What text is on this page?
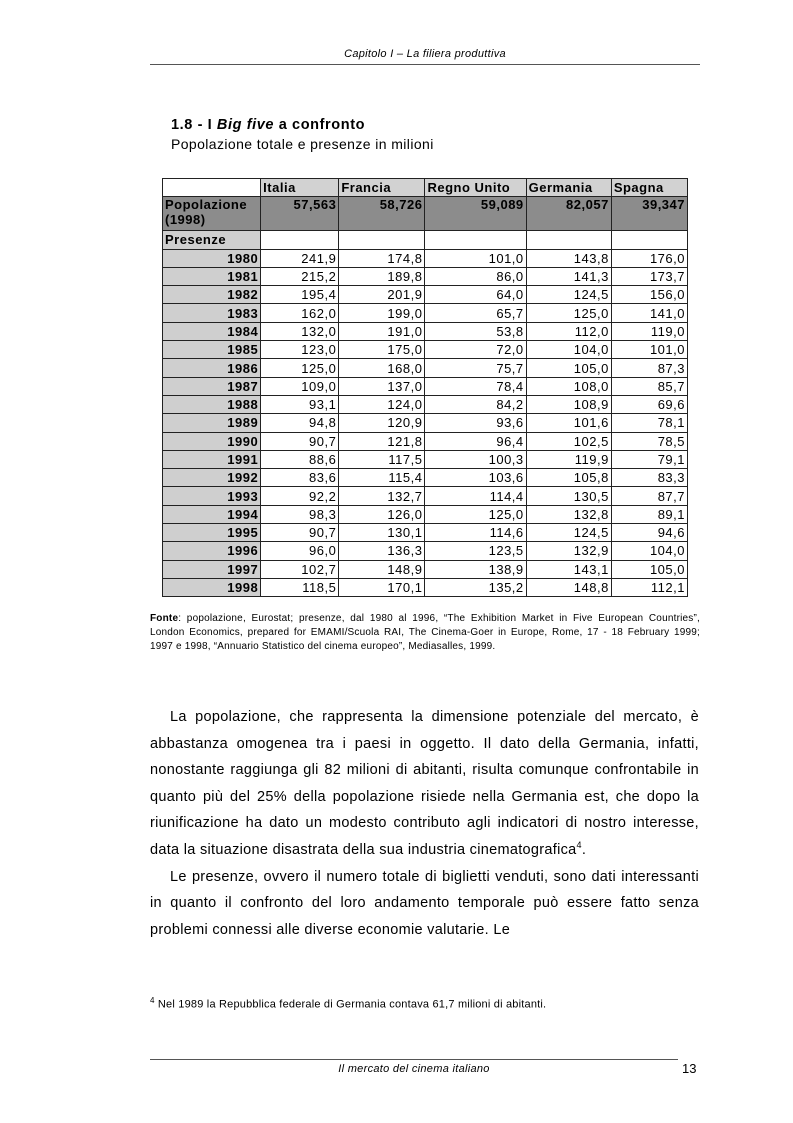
Capitolo I – La filiera produttiva
1.8 - I Big five a confronto
Popolazione totale e presenze in milioni
	Italia	Francia	Regno Unito	Germania	Spagna
Popolazione (1998)	57,563	58,726	59,089	82,057	39,347
Presenze					
1980	241,9	174,8	101,0	143,8	176,0
1981	215,2	189,8	86,0	141,3	173,7
1982	195,4	201,9	64,0	124,5	156,0
1983	162,0	199,0	65,7	125,0	141,0
1984	132,0	191,0	53,8	112,0	119,0
1985	123,0	175,0	72,0	104,0	101,0
1986	125,0	168,0	75,7	105,0	87,3
1987	109,0	137,0	78,4	108,0	85,7
1988	93,1	124,0	84,2	108,9	69,6
1989	94,8	120,9	93,6	101,6	78,1
1990	90,7	121,8	96,4	102,5	78,5
1991	88,6	117,5	100,3	119,9	79,1
1992	83,6	115,4	103,6	105,8	83,3
1993	92,2	132,7	114,4	130,5	87,7
1994	98,3	126,0	125,0	132,8	89,1
1995	90,7	130,1	114,6	124,5	94,6
1996	96,0	136,3	123,5	132,9	104,0
1997	102,7	148,9	138,9	143,1	105,0
1998	118,5	170,1	135,2	148,8	112,1
Fonte: popolazione, Eurostat; presenze, dal 1980 al 1996, “The Exhibition Market in Five European Countries”, London Economics, prepared for EMAMI/Scuola RAI, The Cinema-Goer in Europe, Rome, 17 - 18 February 1999; 1997 e 1998, “Annuario Statistico del cinema europeo”, Mediasalles, 1999.

La popolazione, che rappresenta la dimensione potenziale del mercato, è abbastanza omogenea tra i paesi in oggetto. Il dato della Germania, infatti, nonostante raggiunga gli 82 milioni di abitanti, risulta comunque confrontabile in quanto più del 25% della popolazione risiede nella Germania est, che dopo la riunificazione ha dato un modesto contributo agli indicatori di nostro interesse, data la situazione disastrata della sua industria cinematografica$^4$.

Le presenze, ovvero il numero totale di biglietti venduti, sono dati interessanti in quanto il confronto del loro andamento temporale può essere fatto senza problemi connessi alle diverse economie valutarie. Le

$^4$ Nel 1989 la Repubblica federale di Germania contava 61,7 milioni di abitanti.
Il mercato del cinema italiano	13
